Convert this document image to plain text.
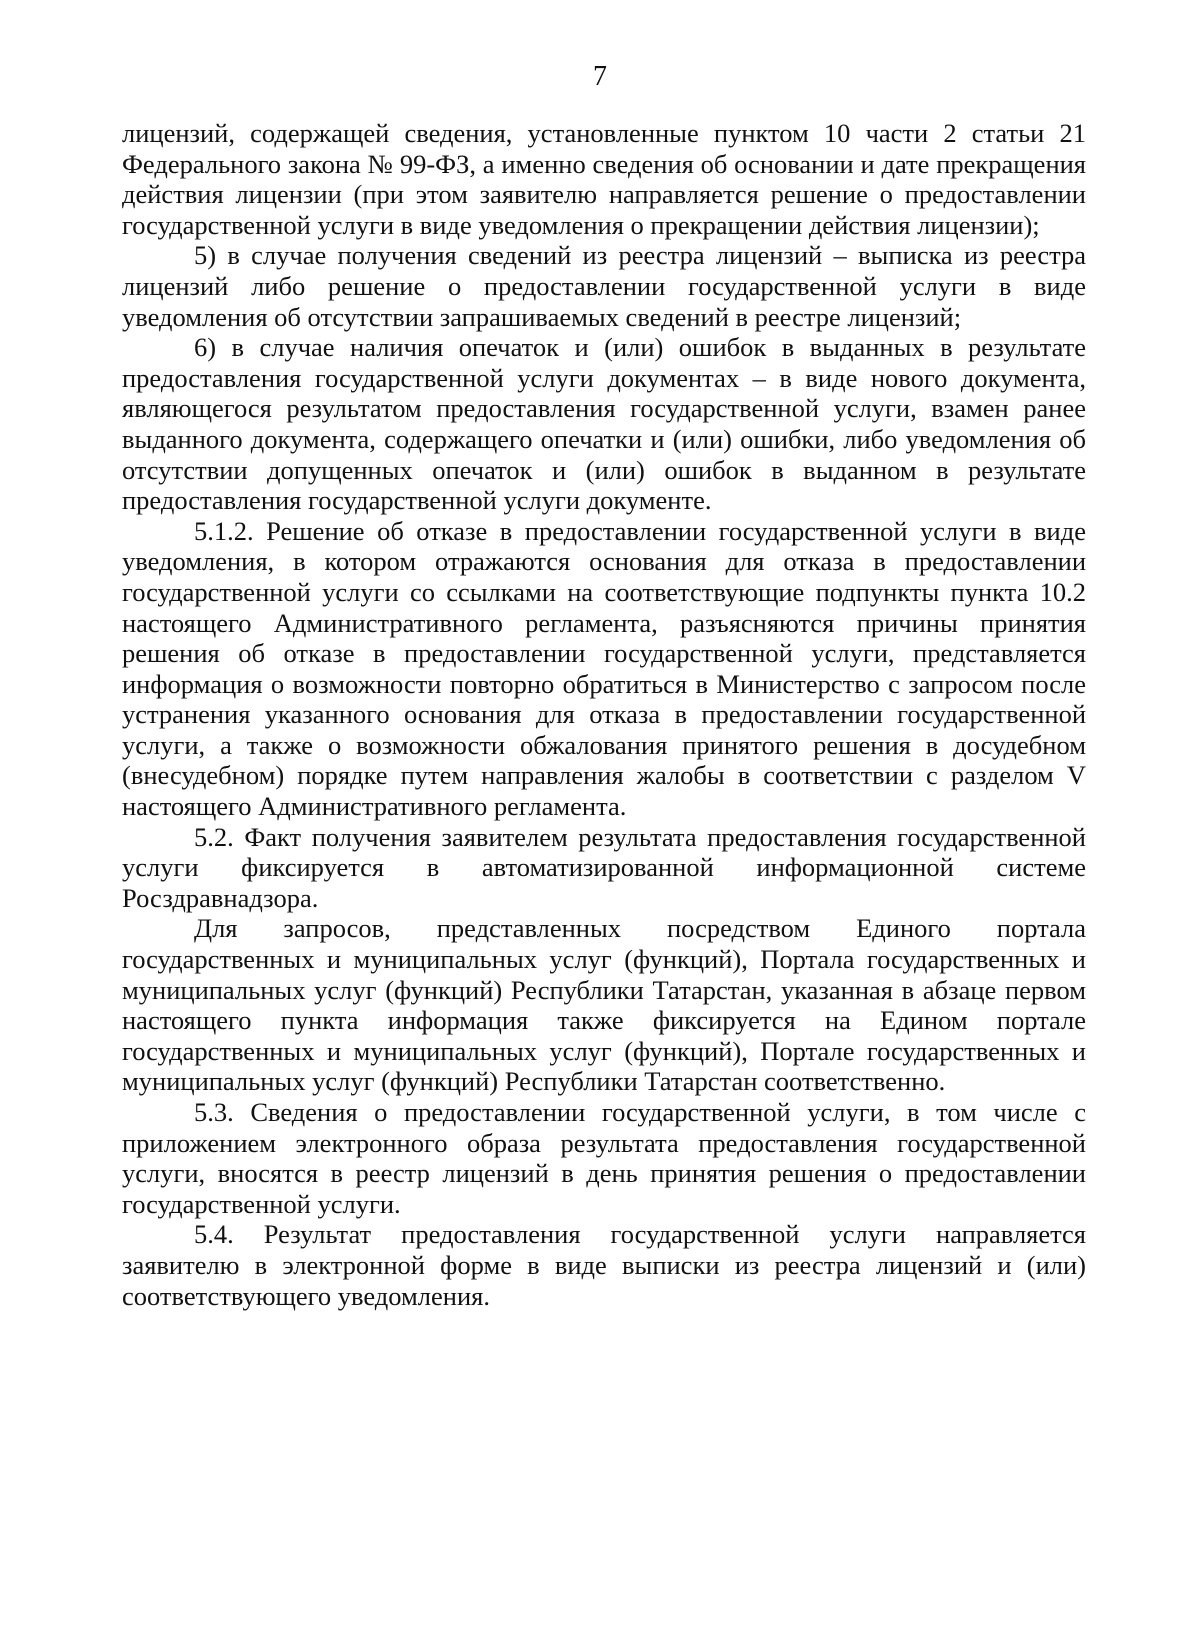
7

лицензий, содержащей сведения, установленные пунктом 10 части 2 статьи 21 Федерального закона № 99-ФЗ, а именно сведения об основании и дате прекращения действия лицензии (при этом заявителю направляется решение о предоставлении государственной услуги в виде уведомления о прекращении действия лицензии);

5) в случае получения сведений из реестра лицензий – выписка из реестра лицензий либо решение о предоставлении государственной услуги в виде уведомления об отсутствии запрашиваемых сведений в реестре лицензий;

6) в случае наличия опечаток и (или) ошибок в выданных в результате предоставления государственной услуги документах – в виде нового документа, являющегося результатом предоставления государственной услуги, взамен ранее выданного документа, содержащего опечатки и (или) ошибки, либо уведомления об отсутствии допущенных опечаток и (или) ошибок в выданном в результате предоставления государственной услуги документе.

5.1.2. Решение об отказе в предоставлении государственной услуги в виде уведомления, в котором отражаются основания для отказа в предоставлении государственной услуги со ссылками на соответствующие подпункты пункта 10.2 настоящего Административного регламента, разъясняются причины принятия решения об отказе в предоставлении государственной услуги, представляется информация о возможности повторно обратиться в Министерство с запросом после устранения указанного основания для отказа в предоставлении государственной услуги, а также о возможности обжалования принятого решения в досудебном (внесудебном) порядке путем направления жалобы в соответствии с разделом V настоящего Административного регламента.

5.2. Факт получения заявителем результата предоставления государственной услуги фиксируется в автоматизированной информационной системе Росздравнадзора.

Для запросов, представленных посредством Единого портала государственных и муниципальных услуг (функций), Портала государственных и муниципальных услуг (функций) Республики Татарстан, указанная в абзаце первом настоящего пункта информация также фиксируется на Едином портале государственных и муниципальных услуг (функций), Портале государственных и муниципальных услуг (функций) Республики Татарстан соответственно.

5.3. Сведения о предоставлении государственной услуги, в том числе с приложением электронного образа результата предоставления государственной услуги, вносятся в реестр лицензий в день принятия решения о предоставлении государственной услуги.

5.4. Результат предоставления государственной услуги направляется заявителю в электронной форме в виде выписки из реестра лицензий и (или) соответствующего уведомления.
